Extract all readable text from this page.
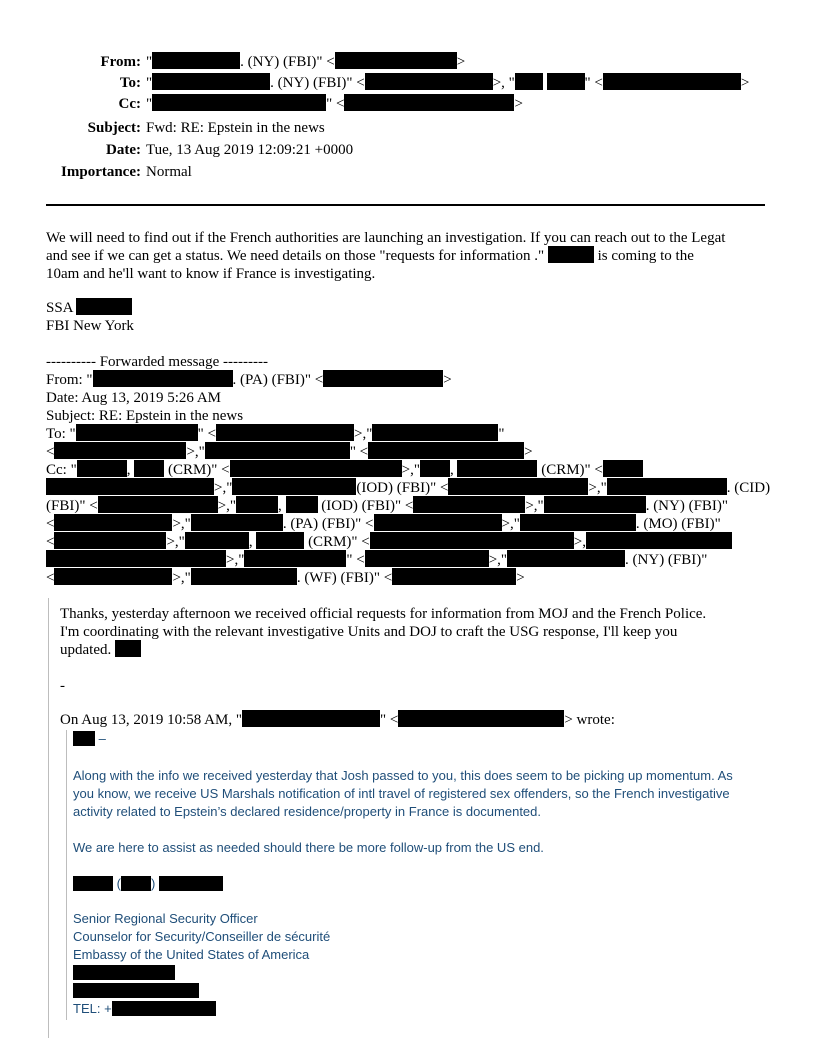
From: "	. (NY) (FBI)" <	>
To: "	. (NY) (FBI)" <	>, "	" <	>
Cc: "	" <	>
Subject: Fwd: RE: Epstein in the news
Date: Tue, 13 Aug 2019 12:09:21 +0000
Importance: Normal
We will need to find out if the French authorities are launching an investigation. If you can reach out to the Legat
and see if we can get a status. We need details on those "requests for information ."	is coming to the
10am and he'll want to know if France is investigating.
SSA
FBI New York
---------- Forwarded message ---------
From: "	. (PA) (FBI)" <	>
Date: Aug 13, 2019 5:26 AM
Subject: RE: Epstein in the news
To: "	" <	>,"	"
<	>,"	" <	>
Cc: "	,	(CRM)" <	>," ,	(CRM)" <
>,"	(IOD) (FBI)" <	>,"	. (CID)
(FBI)" <	>,"	,	(IOD) (FBI)" <	>,"	. (NY) (FBI)"
<	>,"	. (PA) (FBI)" <	>,"	. (MO) (FBI)"
<	>,"	,	(CRM)" <	>,
>,"	" <	>,"	. (NY) (FBI)"
<	>,"	. (WF) (FBI)" <	>
Thanks, yesterday afternoon we received official requests for information from MOJ and the French Police.
I'm coordinating with the relevant investigative Units and DOJ to craft the USG response, I'll keep you
updated.
-
On Aug 13, 2019 10:58 AM, "	" <	> wrote:
–
Along with the info we received yesterday that Josh passed to you, this does seem to be picking up momentum. As
you know, we receive US Marshals notification of intl travel of registered sex offenders, so the French investigative
activity related to Epstein’s declared residence/property in France is documented.
We are here to assist as needed should there be more follow-up from the US end.
( )
Senior Regional Security Officer
Counselor for Security/Conseiller de sécurité
Embassy of the United States of America
TEL: +
